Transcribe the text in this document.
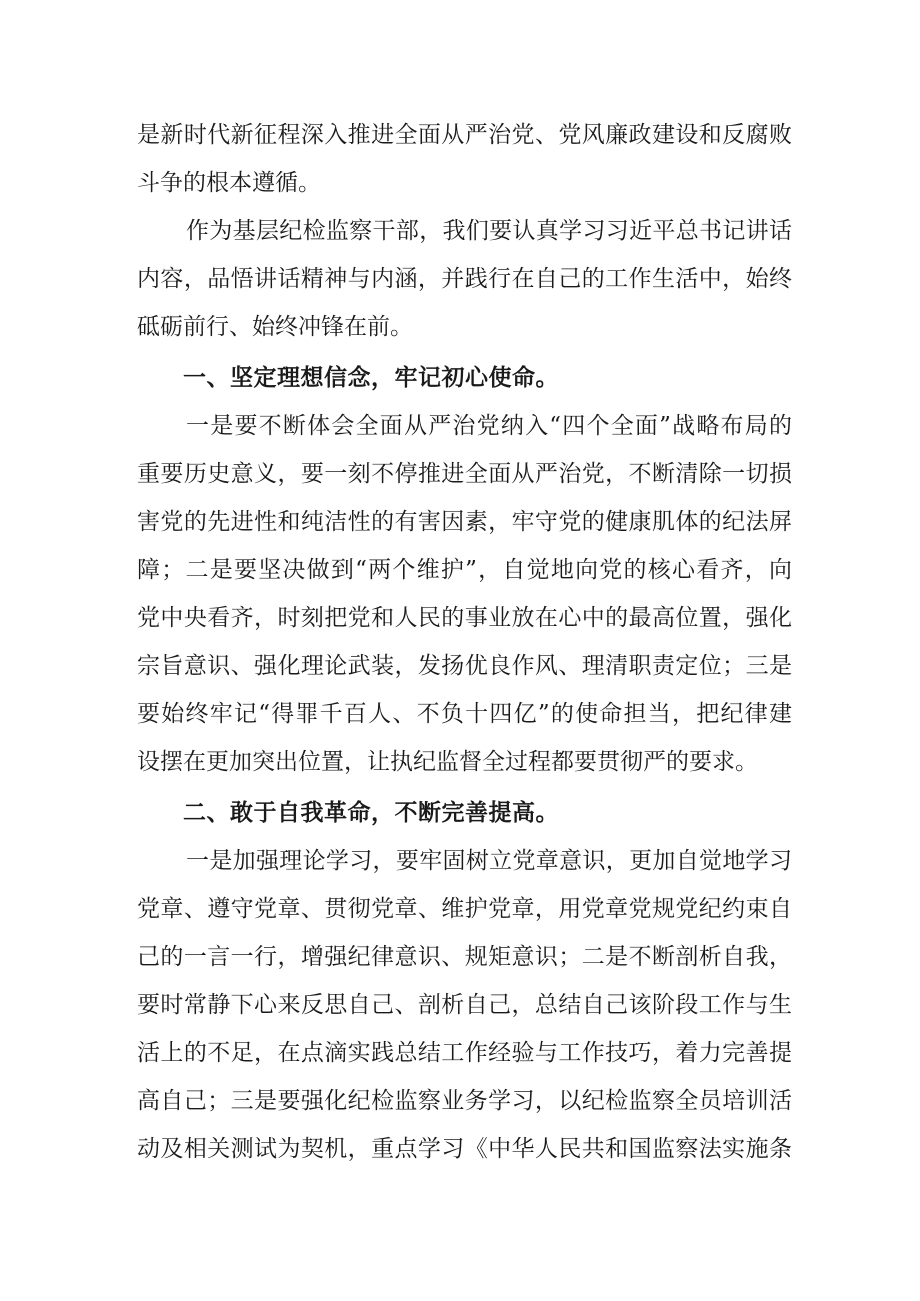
是新时代新征程深入推进全面从严治党、党风廉政建设和反腐败
斗争的根本遵循。
作为基层纪检监察干部，我们要认真学习习近平总书记讲话
内容，品悟讲话精神与内涵，并践行在自己的工作生活中，始终
砥砺前行、始终冲锋在前。
一、坚定理想信念，牢记初心使命。
一是要不断体会全面从严治党纳入“四个全面”战略布局的
重要历史意义，要一刻不停推进全面从严治党，不断清除一切损
害党的先进性和纯洁性的有害因素，牢守党的健康肌体的纪法屏
障；二是要坚决做到“两个维护”，自觉地向党的核心看齐，向
党中央看齐，时刻把党和人民的事业放在心中的最高位置，强化
宗旨意识、强化理论武装，发扬优良作风、理清职责定位；三是
要始终牢记“得罪千百人、不负十四亿”的使命担当，把纪律建
设摆在更加突出位置，让执纪监督全过程都要贯彻严的要求。
二、敢于自我革命，不断完善提高。
一是加强理论学习，要牢固树立党章意识，更加自觉地学习
党章、遵守党章、贯彻党章、维护党章，用党章党规党纪约束自
己的一言一行，增强纪律意识、规矩意识；二是不断剖析自我，
要时常静下心来反思自己、剖析自己，总结自己该阶段工作与生
活上的不足，在点滴实践总结工作经验与工作技巧，着力完善提
高自己；三是要强化纪检监察业务学习，以纪检监察全员培训活
动及相关测试为契机，重点学习《中华人民共和国监察法实施条
